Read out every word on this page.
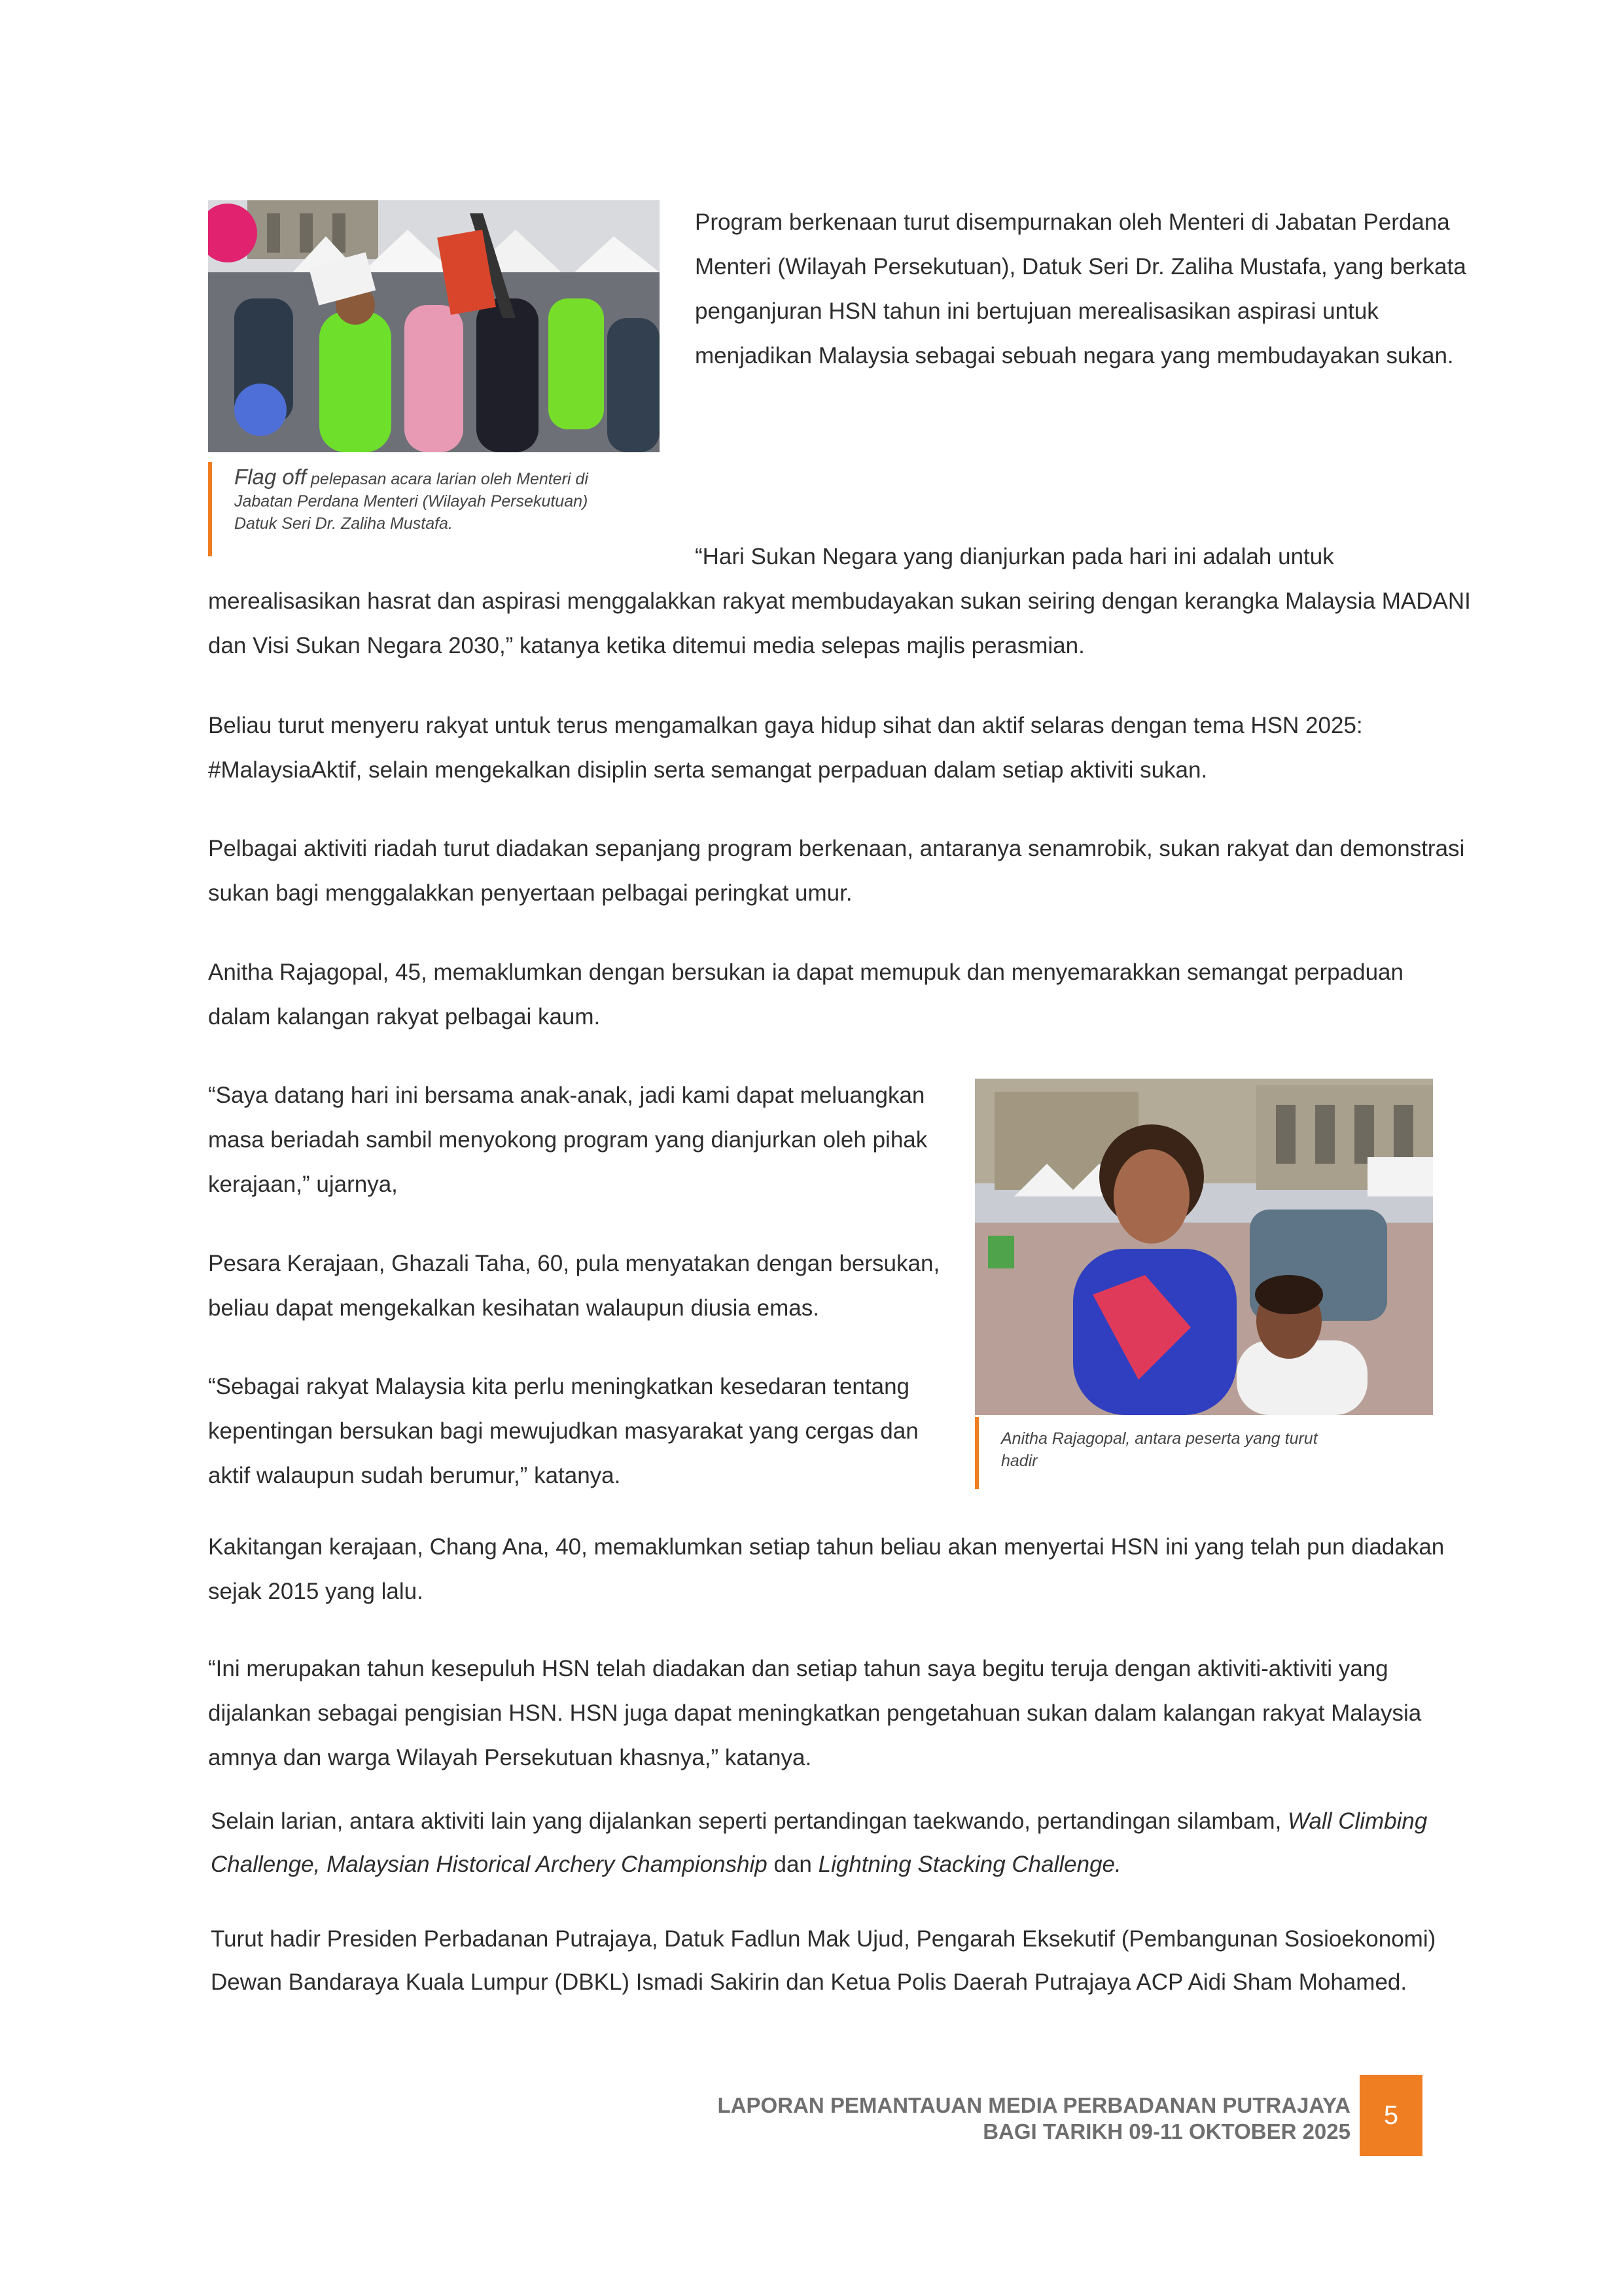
Flag off pelepasan acara larian oleh Menteri di Jabatan Perdana Menteri (Wilayah Persekutuan) Datuk Seri Dr. Zaliha Mustafa.

Program berkenaan turut disempurnakan oleh Menteri di Jabatan Perdana Menteri (Wilayah Persekutuan), Datuk Seri Dr. Zaliha Mustafa, yang berkata penganjuran HSN tahun ini bertujuan merealisasikan aspirasi untuk menjadikan Malaysia sebagai sebuah negara yang membudayakan sukan.

“Hari Sukan Negara yang dianjurkan pada hari ini adalah untuk merealisasikan hasrat dan aspirasi menggalakkan rakyat membudayakan sukan seiring dengan kerangka Malaysia MADANI dan Visi Sukan Negara 2030,” katanya ketika ditemui media selepas majlis perasmian.

Beliau turut menyeru rakyat untuk terus mengamalkan gaya hidup sihat dan aktif selaras dengan tema HSN 2025: #MalaysiaAktif, selain mengekalkan disiplin serta semangat perpaduan dalam setiap aktiviti sukan.

Pelbagai aktiviti riadah turut diadakan sepanjang program berkenaan, antaranya senamrobik, sukan rakyat dan demonstrasi sukan bagi menggalakkan penyertaan pelbagai peringkat umur.

Anitha Rajagopal, 45, memaklumkan dengan bersukan ia dapat memupuk dan menyemarakkan semangat perpaduan dalam kalangan rakyat pelbagai kaum.

“Saya datang hari ini bersama anak-anak, jadi kami dapat meluangkan masa beriadah sambil menyokong program yang dianjurkan oleh pihak kerajaan,” ujarnya,

Pesara Kerajaan, Ghazali Taha, 60, pula menyatakan dengan bersukan, beliau dapat mengekalkan kesihatan walaupun diusia emas.

“Sebagai rakyat Malaysia kita perlu meningkatkan kesedaran tentang kepentingan bersukan bagi mewujudkan masyarakat yang cergas dan aktif walaupun sudah berumur,” katanya.

Anitha Rajagopal, antara peserta yang turut hadir

Kakitangan kerajaan, Chang Ana, 40, memaklumkan setiap tahun beliau akan menyertai HSN ini yang telah pun diadakan sejak 2015 yang lalu.

“Ini merupakan tahun kesepuluh HSN telah diadakan dan setiap tahun saya begitu teruja dengan aktiviti-aktiviti yang dijalankan sebagai pengisian HSN. HSN juga dapat meningkatkan pengetahuan sukan dalam kalangan rakyat Malaysia amnya dan warga Wilayah Persekutuan khasnya,” katanya.

Selain larian, antara aktiviti lain yang dijalankan seperti pertandingan taekwando, pertandingan silambam, Wall Climbing Challenge, Malaysian Historical Archery Championship dan Lightning Stacking Challenge.

Turut hadir Presiden Perbadanan Putrajaya, Datuk Fadlun Mak Ujud, Pengarah Eksekutif (Pembangunan Sosioekonomi) Dewan Bandaraya Kuala Lumpur (DBKL) Ismadi Sakirin dan Ketua Polis Daerah Putrajaya ACP Aidi Sham Mohamed.

LAPORAN PEMANTAUAN MEDIA PERBADANAN PUTRAJAYA
BAGI TARIKH 09-11 OKTOBER 2025
5
